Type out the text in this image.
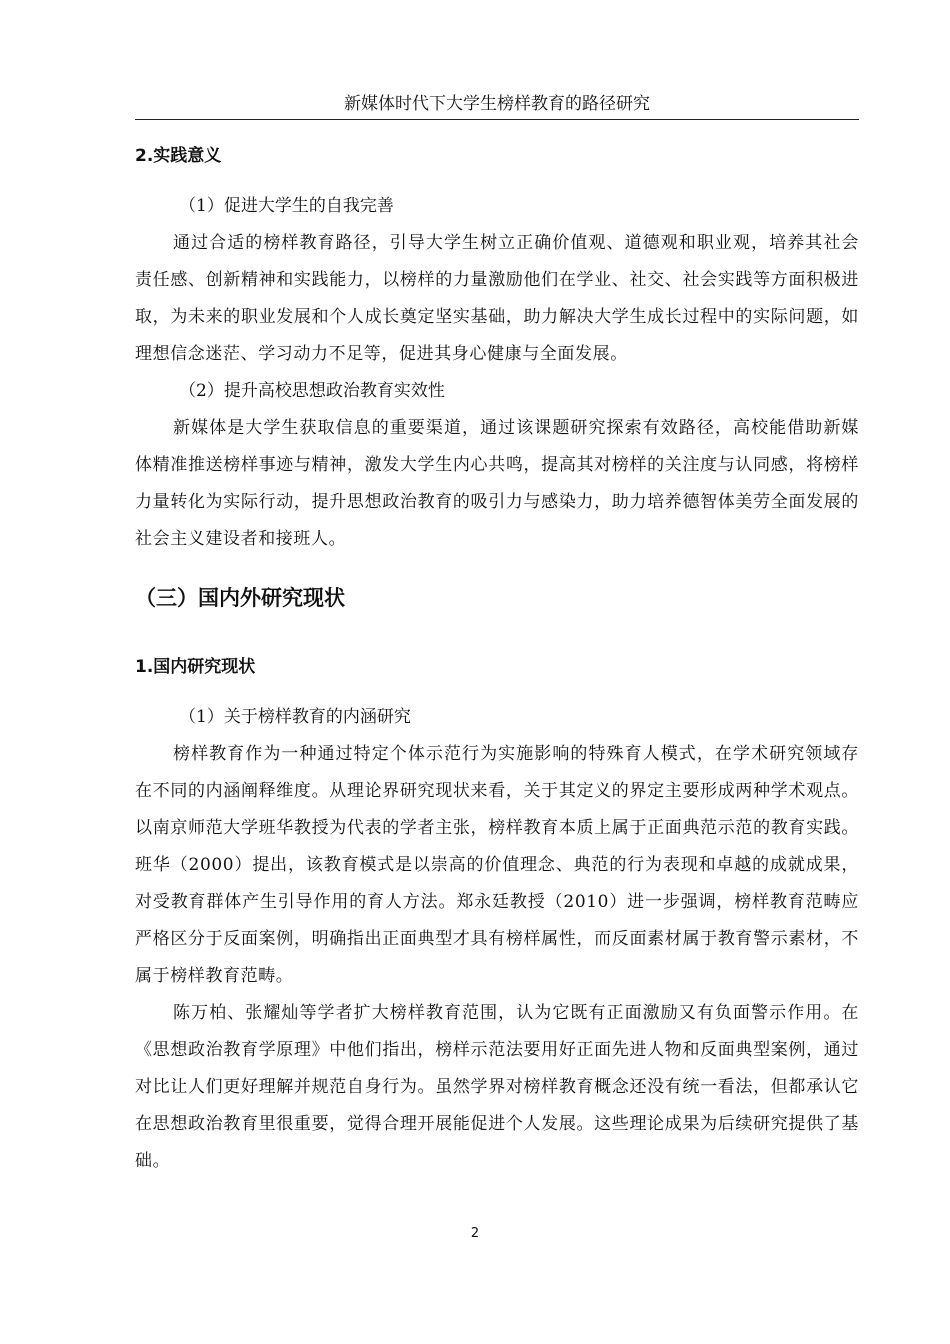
新媒体时代下大学生榜样教育的路径研究

2.实践意义

（1）促进大学生的自我完善

通过合适的榜样教育路径，引导大学生树立正确价值观、道德观和职业观，培养其社会责任感、创新精神和实践能力，以榜样的力量激励他们在学业、社交、社会实践等方面积极进取，为未来的职业发展和个人成长奠定坚实基础，助力解决大学生成长过程中的实际问题，如理想信念迷茫、学习动力不足等，促进其身心健康与全面发展。

（2）提升高校思想政治教育实效性

新媒体是大学生获取信息的重要渠道，通过该课题研究探索有效路径，高校能借助新媒体精准推送榜样事迹与精神，激发大学生内心共鸣，提高其对榜样的关注度与认同感，将榜样力量转化为实际行动，提升思想政治教育的吸引力与感染力，助力培养德智体美劳全面发展的社会主义建设者和接班人。

（三）国内外研究现状

1.国内研究现状

（1）关于榜样教育的内涵研究

榜样教育作为一种通过特定个体示范行为实施影响的特殊育人模式，在学术研究领域存在不同的内涵阐释维度。从理论界研究现状来看，关于其定义的界定主要形成两种学术观点。以南京师范大学班华教授为代表的学者主张，榜样教育本质上属于正面典范示范的教育实践。班华（2000）提出，该教育模式是以崇高的价值理念、典范的行为表现和卓越的成就成果，对受教育群体产生引导作用的育人方法。郑永廷教授（2010）进一步强调，榜样教育范畴应严格区分于反面案例，明确指出正面典型才具有榜样属性，而反面素材属于教育警示素材，不属于榜样教育范畴。

陈万柏、张耀灿等学者扩大榜样教育范围，认为它既有正面激励又有负面警示作用。在《思想政治教育学原理》中他们指出，榜样示范法要用好正面先进人物和反面典型案例，通过对比让人们更好理解并规范自身行为。虽然学界对榜样教育概念还没有统一看法，但都承认它在思想政治教育里很重要，觉得合理开展能促进个人发展。这些理论成果为后续研究提供了基础。

2
